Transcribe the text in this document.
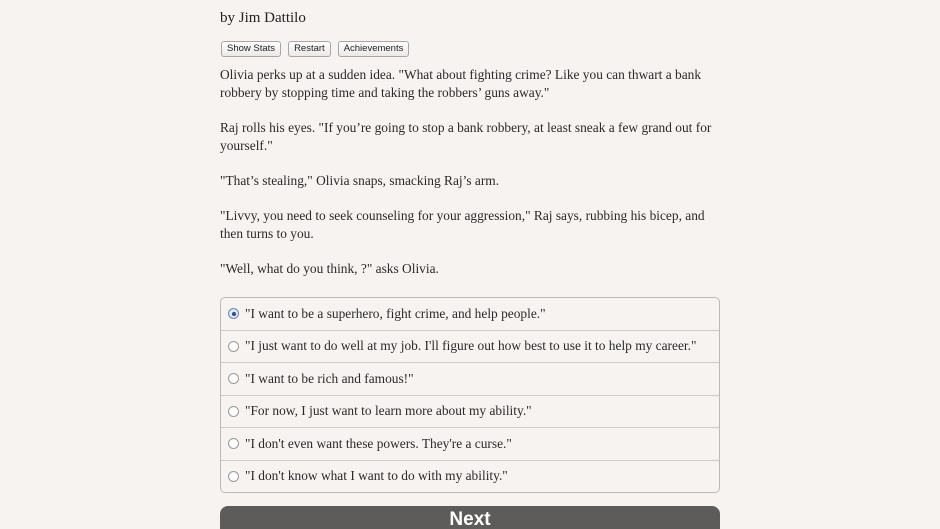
by Jim Dattilo
Show Stats	Restart	Achievements

Olivia perks up at a sudden idea. "What about fighting crime? Like you can thwart a bank robbery by stopping time and taking the robbers’ guns away."

Raj rolls his eyes. "If you’re going to stop a bank robbery, at least sneak a few grand out for yourself."

"That’s stealing," Olivia snaps, smacking Raj’s arm.

"Livvy, you need to seek counseling for your aggression," Raj says, rubbing his bicep, and then turns to you.

"Well, what do you think, ?" asks Olivia.

"I want to be a superhero, fight crime, and help people."
"I just want to do well at my job. I'll figure out how best to use it to help my career."
"I want to be rich and famous!"
"For now, I just want to learn more about my ability."
"I don't even want these powers. They're a curse."
"I don't know what I want to do with my ability."
Next
